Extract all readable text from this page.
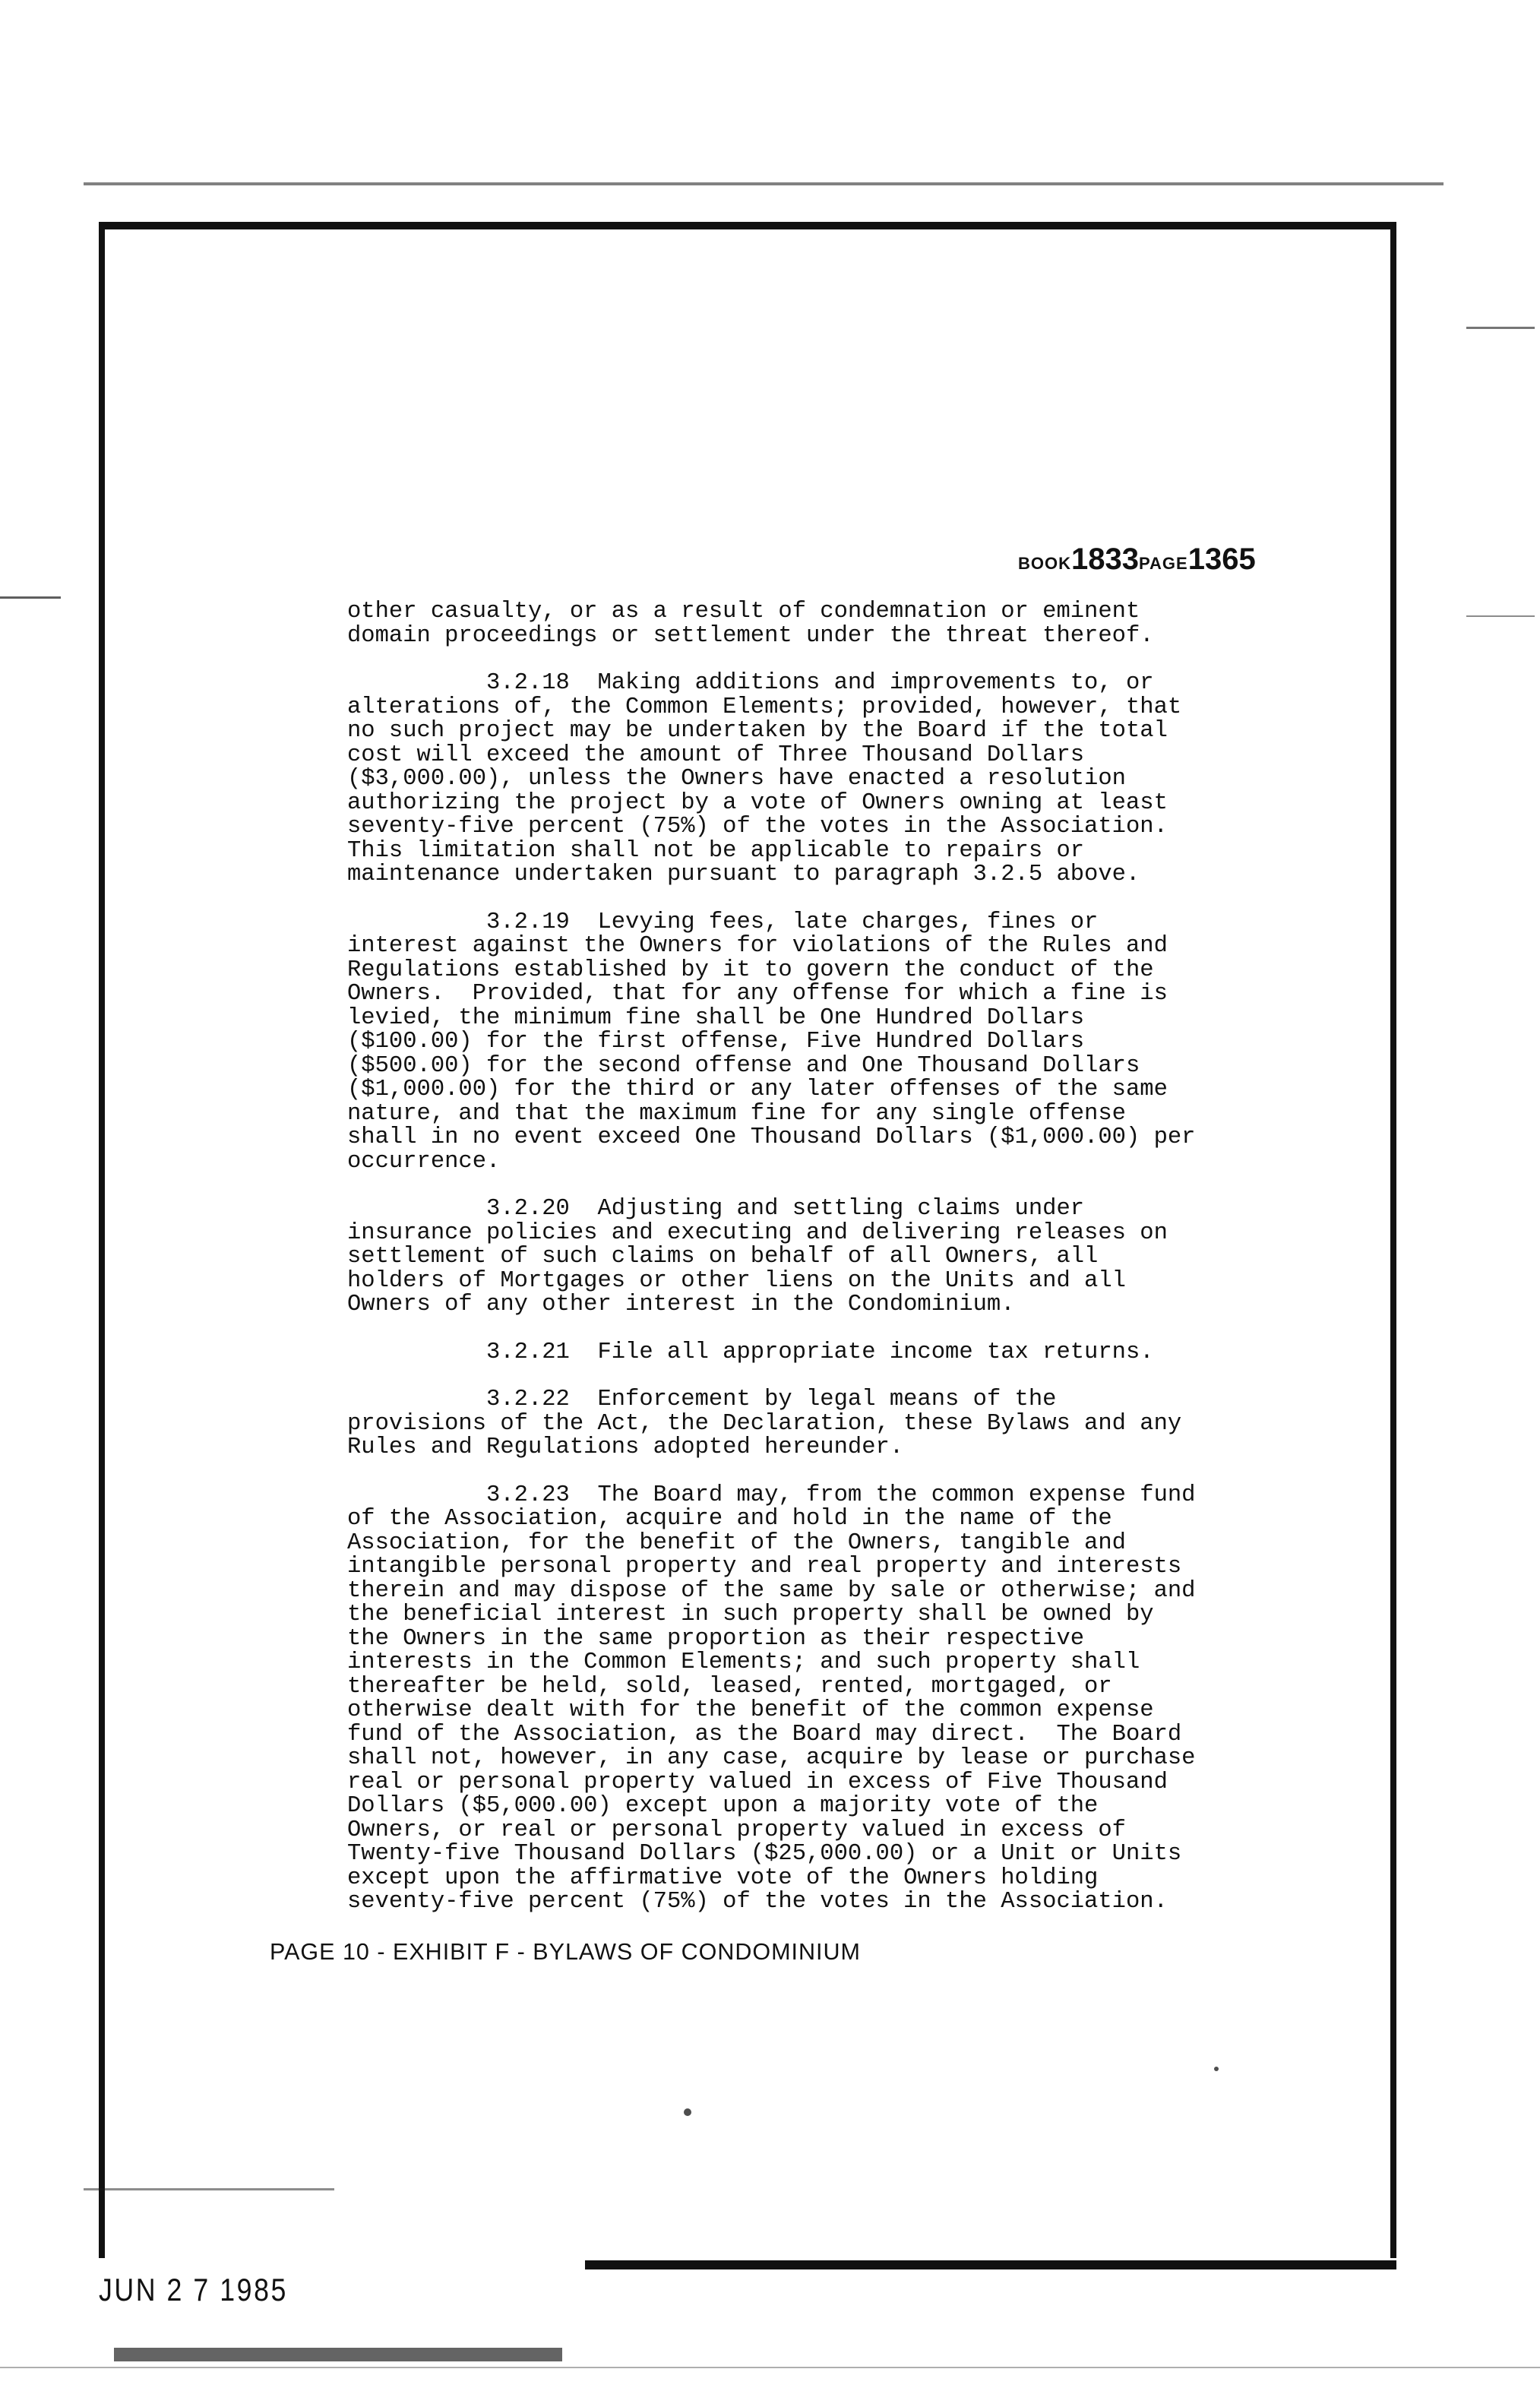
BOOK1833PAGE1365

other casualty, or as a result of condemnation or eminent
domain proceedings or settlement under the threat thereof.

3.2.18  Making additions and improvements to, or
alterations of, the Common Elements; provided, however, that
no such project may be undertaken by the Board if the total
cost will exceed the amount of Three Thousand Dollars
($3,000.00), unless the Owners have enacted a resolution
authorizing the project by a vote of Owners owning at least
seventy-five percent (75%) of the votes in the Association.
This limitation shall not be applicable to repairs or
maintenance undertaken pursuant to paragraph 3.2.5 above.

3.2.19  Levying fees, late charges, fines or
interest against the Owners for violations of the Rules and
Regulations established by it to govern the conduct of the
Owners.  Provided, that for any offense for which a fine is
levied, the minimum fine shall be One Hundred Dollars
($100.00) for the first offense, Five Hundred Dollars
($500.00) for the second offense and One Thousand Dollars
($1,000.00) for the third or any later offenses of the same
nature, and that the maximum fine for any single offense
shall in no event exceed One Thousand Dollars ($1,000.00) per
occurrence.

3.2.20  Adjusting and settling claims under
insurance policies and executing and delivering releases on
settlement of such claims on behalf of all Owners, all
holders of Mortgages or other liens on the Units and all
Owners of any other interest in the Condominium.

3.2.21  File all appropriate income tax returns.

3.2.22  Enforcement by legal means of the
provisions of the Act, the Declaration, these Bylaws and any
Rules and Regulations adopted hereunder.

3.2.23  The Board may, from the common expense fund
of the Association, acquire and hold in the name of the
Association, for the benefit of the Owners, tangible and
intangible personal property and real property and interests
therein and may dispose of the same by sale or otherwise; and
the beneficial interest in such property shall be owned by
the Owners in the same proportion as their respective
interests in the Common Elements; and such property shall
thereafter be held, sold, leased, rented, mortgaged, or
otherwise dealt with for the benefit of the common expense
fund of the Association, as the Board may direct.  The Board
shall not, however, in any case, acquire by lease or purchase
real or personal property valued in excess of Five Thousand
Dollars ($5,000.00) except upon a majority vote of the
Owners, or real or personal property valued in excess of
Twenty-five Thousand Dollars ($25,000.00) or a Unit or Units
except upon the affirmative vote of the Owners holding
seventy-five percent (75%) of the votes in the Association.

PAGE 10 - EXHIBIT F - BYLAWS OF CONDOMINIUM
JUN 2 7 1985
